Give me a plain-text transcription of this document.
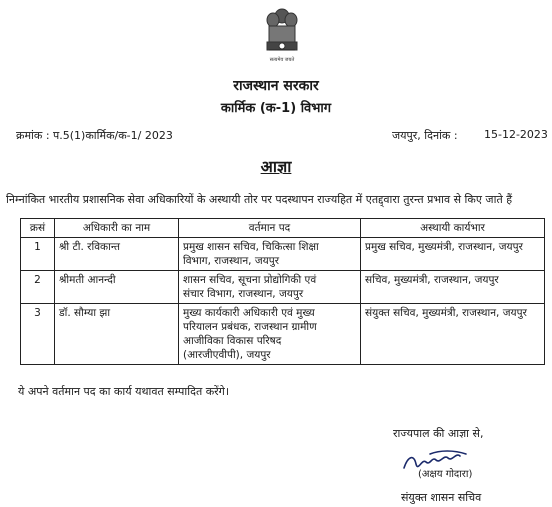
सत्यमेव जयते
राजस्थान सरकार
कार्मिक (क-1) विभाग
क्रमांक : प.5(1)कार्मिक/क-1/ 2023	जयपुर, दिनांक : 15-12-2023
आज्ञा
निम्नांकित भारतीय प्रशासनिक सेवा अधिकारियों के अस्थायी तोर पर पदस्थापन राज्यहित में एतद्द्वारा तुरन्त प्रभाव से किए जाते हैं
क्रसं	अधिकारी का नाम	वर्तमान पद	अस्थायी कार्यभार
1	श्री टी. रविकान्त	प्रमुख शासन सचिव, चिकित्सा शिक्षा
विभाग, राजस्थान, जयपुर	प्रमुख सचिव, मुख्यमंत्री, राजस्थान, जयपुर
2	श्रीमती आनन्दी	शासन सचिव, सूचना प्रोद्योगिकी एवं
संचार विभाग, राजस्थान, जयपुर	सचिव, मुख्यमंत्री, राजस्थान, जयपुर
3	डॉ. सौम्या झा	मुख्य कार्यकारी अधिकारी एवं मुख्य
परियालन प्रबंधक, राजस्थान ग्रामीण
आजीविका विकास परिषद
(आरजीएवीपी), जयपुर	संयुक्त सचिव, मुख्यमंत्री, राजस्थान, जयपुर
ये अपने वर्तमान पद का कार्य यथावत सम्पादित करेंगे।
राज्यपाल की आज्ञा से,
(अक्षय गोदारा)
संयुक्त शासन सचिव
